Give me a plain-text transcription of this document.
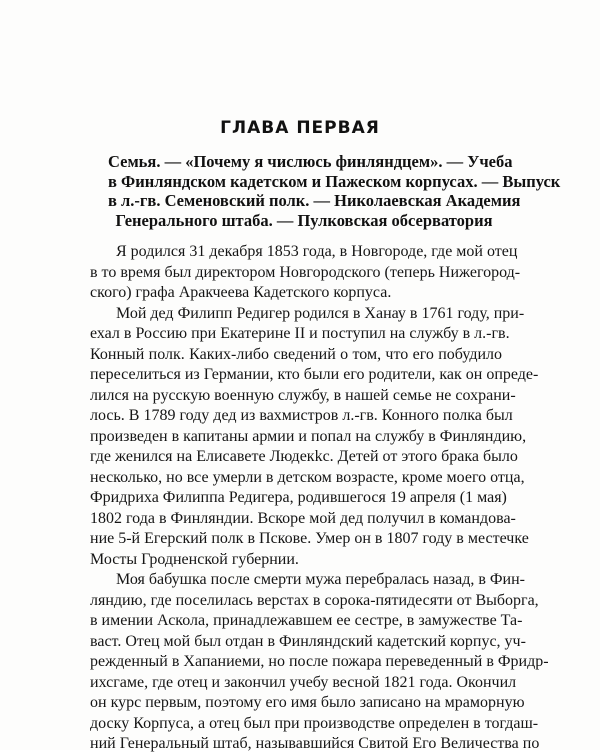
ГЛАВА ПЕРВАЯ
Семья. — «Почему я числюсь финляндцем». — Учеба
в Финляндском кадетском и Пажеском корпусах. — Выпуск
в л.-гв. Семеновский полк. — Николаевская Академия
Генерального штаба. — Пулковская обсерватория
Я родился 31 декабря 1853 года, в Новгороде, где мой отец
в то время был директором Новгородского (теперь Нижегород-
ского) графа Аракчеева Кадетского корпуса.
Мой дед Филипп Редигер родился в Ханау в 1761 году, при-
ехал в Россию при Екатерине II и поступил на службу в л.-гв.
Конный полк. Каких-либо сведений о том, что его побудило
переселиться из Германии, кто были его родители, как он опреде-
лился на русскую военную службу, в нашей семье не сохрани-
лось. В 1789 году дед из вахмистров л.-гв. Конного полка был
произведен в капитаны армии и попал на службу в Финляндию,
где женился на Елисавете Людекkс. Детей от этого брака было
несколько, но все умерли в детском возрасте, кроме моего отца,
Фридриха Филиппа Редигера, родившегося 19 апреля (1 мая)
1802 года в Финляндии. Вскоре мой дед получил в командова-
ние 5-й Егерский полк в Пскове. Умер он в 1807 году в местечке
Мосты Гродненской губернии.
Моя бабушка после смерти мужа перебралась назад, в Фин-
ляндию, где поселилась верстах в сорока-пятидесяти от Выборга,
в имении Аскола, принадлежавшем ее сестре, в замужестве Та-
васт. Отец мой был отдан в Финляндский кадетский корпус, уч-
режденный в Хапаниеми, но после пожара переведенный в Фридр-
ихсгаме, где отец и закончил учебу весной 1821 года. Окончил
он курс первым, поэтому его имя было записано на мраморную
доску Корпуса, а отец был при производстве определен в тогдаш-
ний Генеральный штаб, называвшийся Свитой Его Величества по
